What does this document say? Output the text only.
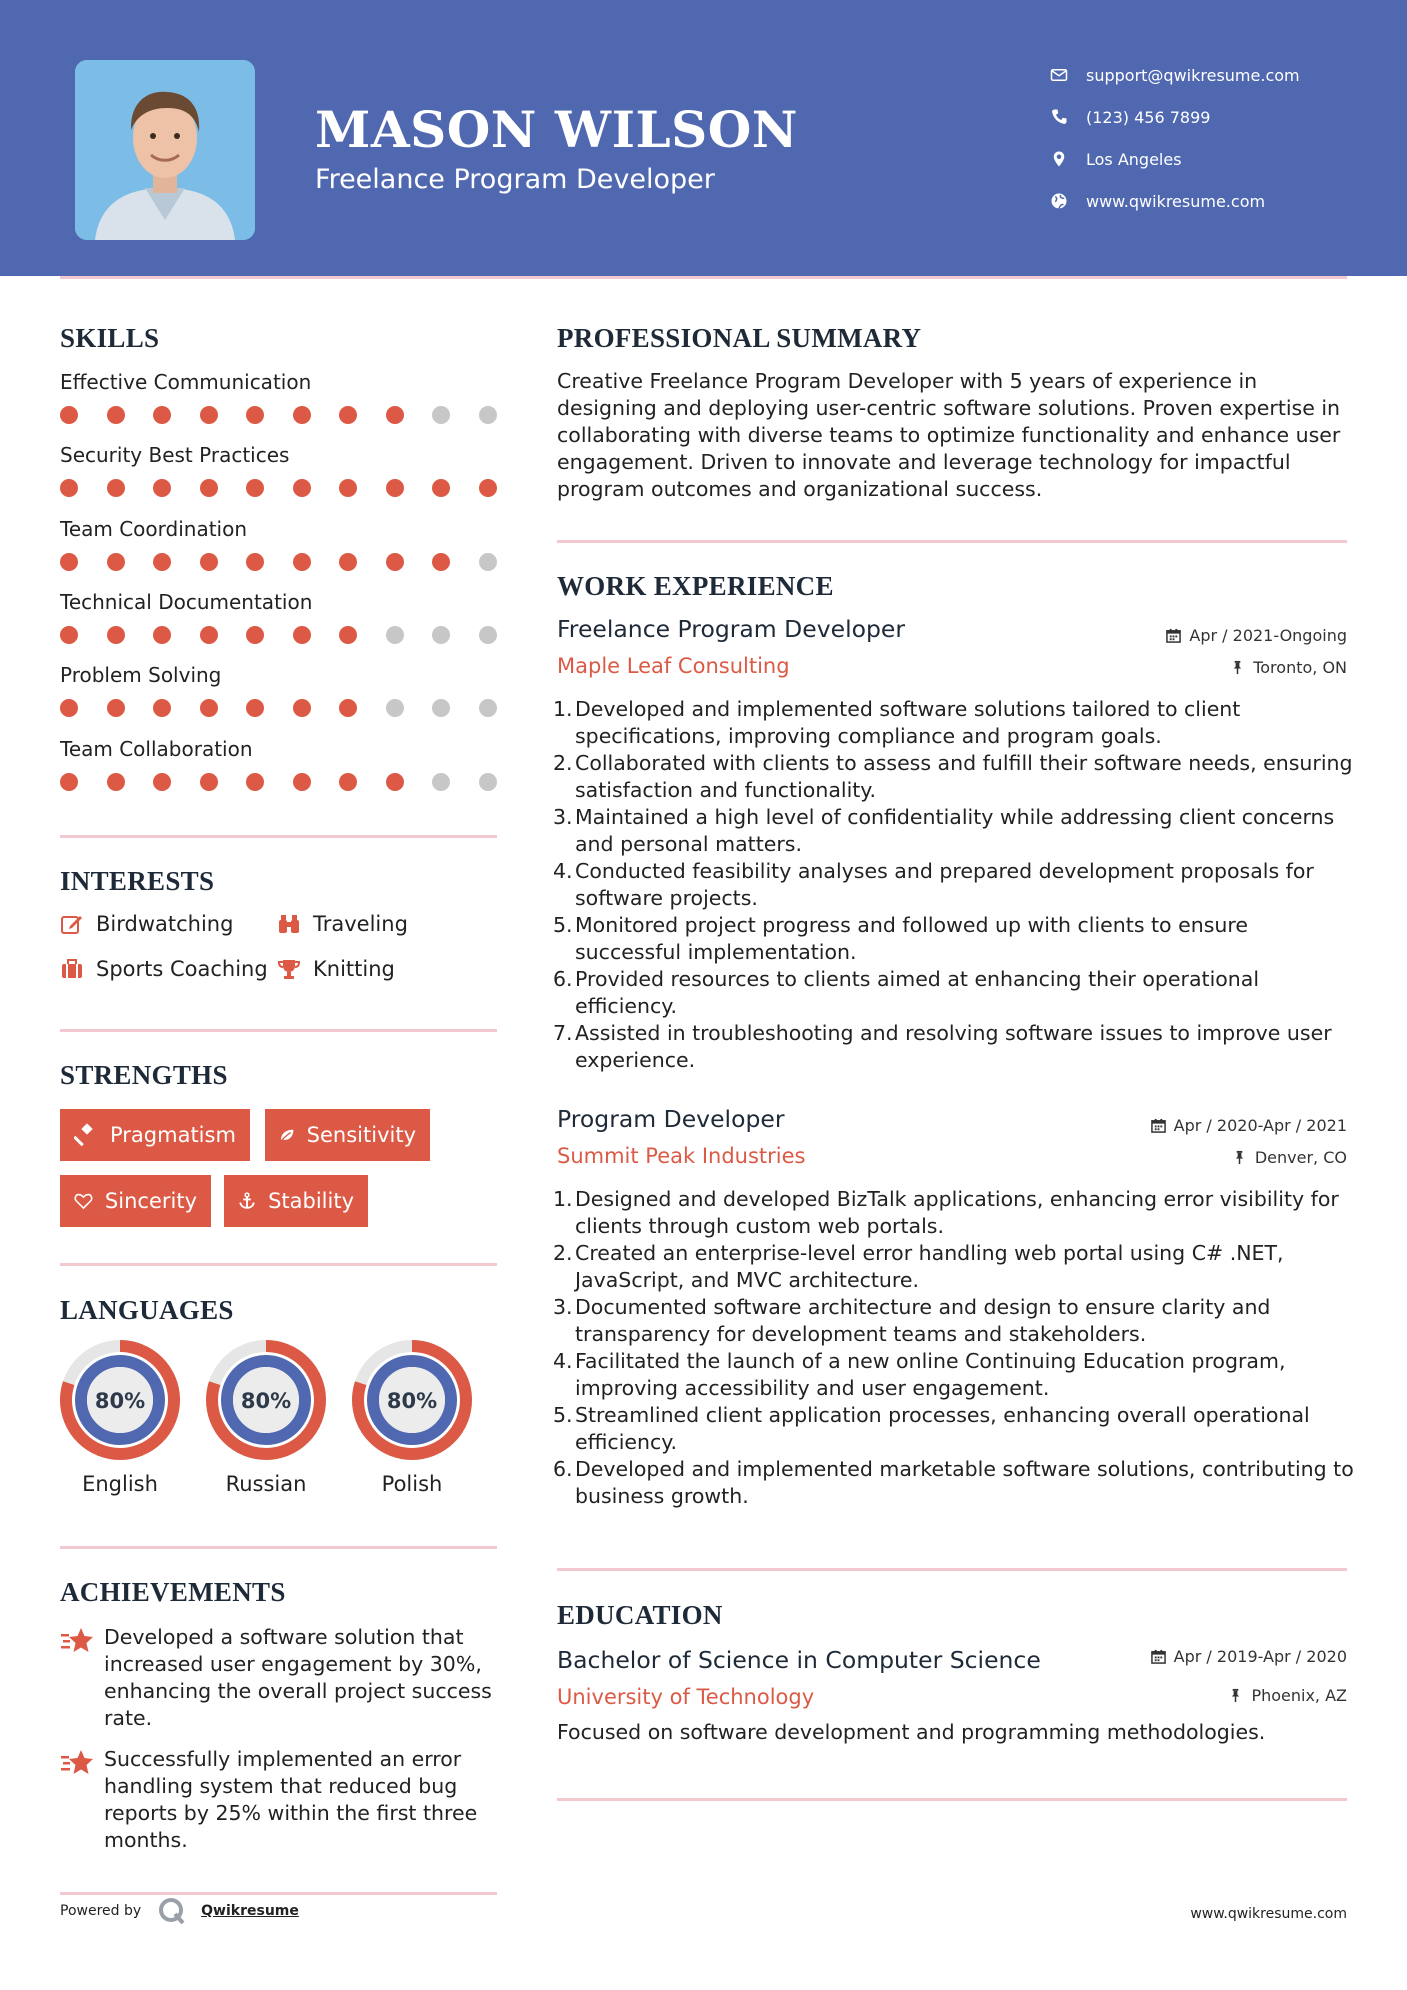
MASON WILSON
Freelance Program Developer
support@qwikresume.com
(123) 456 7899
Los Angeles
www.qwikresume.com
SKILLS
Effective Communication
Security Best Practices
Team Coordination
Technical Documentation
Problem Solving
Team Collaboration
INTERESTS
Birdwatching	Traveling
Sports Coaching Knitting
STRENGTHS
Pragmatism	Sensitivity
Sincerity	Stability
LANGUAGES
80%
English
80%
Russian
80%
Polish
ACHIEVEMENTS
Developed a software solution that increased user engagement by 30%, enhancing the overall project success rate.
Successfully implemented an error handling system that reduced bug reports by 25% within the first three months.
PROFESSIONAL SUMMARY
Creative Freelance Program Developer with 5 years of experience in designing and deploying user-centric software solutions. Proven expertise in collaborating with diverse teams to optimize functionality and enhance user engagement. Driven to innovate and leverage technology for impactful program outcomes and organizational success.
WORK EXPERIENCE
Freelance Program Developer	Apr / 2021-Ongoing
Maple Leaf Consulting	Toronto, ON
1. Developed and implemented software solutions tailored to client specifications, improving compliance and program goals.
2. Collaborated with clients to assess and fulfill their software needs, ensuring satisfaction and functionality.
3. Maintained a high level of confidentiality while addressing client concerns and personal matters.
4. Conducted feasibility analyses and prepared development proposals for software projects.
5. Monitored project progress and followed up with clients to ensure successful implementation.
6. Provided resources to clients aimed at enhancing their operational efficiency.
7. Assisted in troubleshooting and resolving software issues to improve user experience.
Program Developer	Apr / 2020-Apr / 2021
Summit Peak Industries	Denver, CO
1. Designed and developed BizTalk applications, enhancing error visibility for clients through custom web portals.
2. Created an enterprise-level error handling web portal using C# .NET, JavaScript, and MVC architecture.
3. Documented software architecture and design to ensure clarity and transparency for development teams and stakeholders.
4. Facilitated the launch of a new online Continuing Education program, improving accessibility and user engagement.
5. Streamlined client application processes, enhancing overall operational efficiency.
6. Developed and implemented marketable software solutions, contributing to business growth.
EDUCATION
Bachelor of Science in Computer Science	Apr / 2019-Apr / 2020
University of Technology	Phoenix, AZ
Focused on software development and programming methodologies.
Powered by	Qwikresume	www.qwikresume.com
